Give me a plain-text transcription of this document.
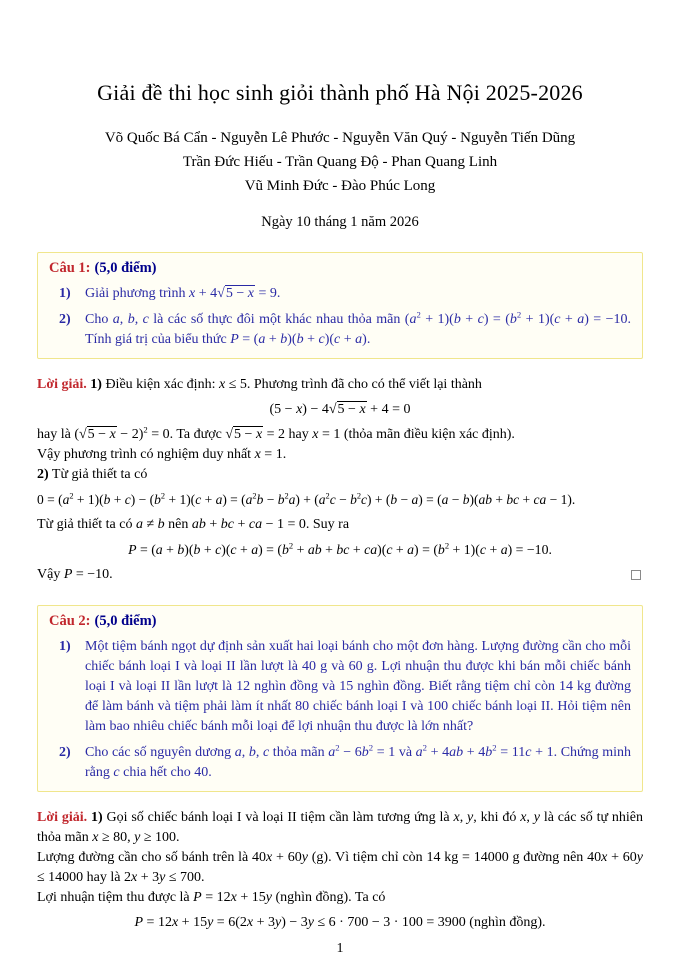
Giải đề thi học sinh giỏi thành phố Hà Nội 2025-2026
Võ Quốc Bá Cẩn - Nguyễn Lê Phước - Nguyễn Văn Quý - Nguyễn Tiến Dũng
Trần Đức Hiếu - Trần Quang Độ - Phan Quang Linh
Vũ Minh Đức - Đào Phúc Long
Ngày 10 tháng 1 năm 2026
Câu 1: (5,0 điểm)
1)	Giải phương trình x + 4√5 − x = 9.
2)	Cho a, b, c là các số thực đôi một khác nhau thỏa mãn $(a^2 + 1)(b + c) = (b^2 + 1)(c + a) = -10$. Tính giá trị của biểu thức P = (a + b)(b + c)(c + a).

Lời giải. 1) Điều kiện xác định: x ≤ 5. Phương trình đã cho có thể viết lại thành

(5 − x) − 4√5 − x + 4 = 0
hay là $(√5 - x - 2)^2 = 0$. Ta được √5 − x = 2 hay x = 1 (thỏa mãn điều kiện xác định).
Vậy phương trình có nghiệm duy nhất x = 1.
2) Từ giả thiết ta có
$0 = (a^2 + 1)(b + c) - (b^2 + 1)(c + a) = (a^2b - b^2a) + (a^2c - b^2c) + (b - a) = (a - b)(ab$ + bc + ca − 1).
Từ giả thiết ta có a ≠ b nên ab + bc + ca − 1 = 0. Suy ra
$P = (a + b)(b + c)(c + a) = (b^2$ + ab + bc + $ca)(c + a) = (b^2 + 1)(c + a) = -10$.
Vậy P = −10.
Câu 2: (5,0 điểm)
1)	Một tiệm bánh ngọt dự định sản xuất hai loại bánh cho một đơn hàng. Lượng đường cần cho mỗi chiếc bánh loại I và loại II lần lượt là 40 g và 60 g. Lợi nhuận thu được khi bán mỗi chiếc bánh loại I và loại II lần lượt là 12 nghìn đồng và 15 nghìn đồng. Biết rằng tiệm chỉ còn 14 kg đường để làm bánh và tiệm phải làm ít nhất 80 chiếc bánh loại I và 100 chiếc bánh loại II. Hỏi tiệm nên làm bao nhiêu chiếc bánh mỗi loại để lợi nhuận thu được là lớn nhất?
2)	Cho các số nguyên dương a, b, c thỏa mãn $a^2 - 6b^2 = 1$ và $a^2 + 4ab + 4b^2 = 11c + 1$. Chứng minh rằng c chia hết cho 40.

Lời giải. 1) Gọi số chiếc bánh loại I và loại II tiệm cần làm tương ứng là x, y, khi đó x, y là các số tự nhiên thỏa mãn x ≥ 80, y ≥ 100.

Lượng đường cần cho số bánh trên là 40x + 60y (g). Vì tiệm chỉ còn 14 kg = 14000 g đường nên 40x + 60y ≤ 14000 hay là 2x + 3y ≤ 700.
Lợi nhuận tiệm thu được là P = 12x + 15y (nghìn đồng). Ta có
P = 12x + 15y = 6(2x + 3y) − 3y ≤ 6 · 700 − 3 · 100 = 3900 (nghìn đồng).
1
